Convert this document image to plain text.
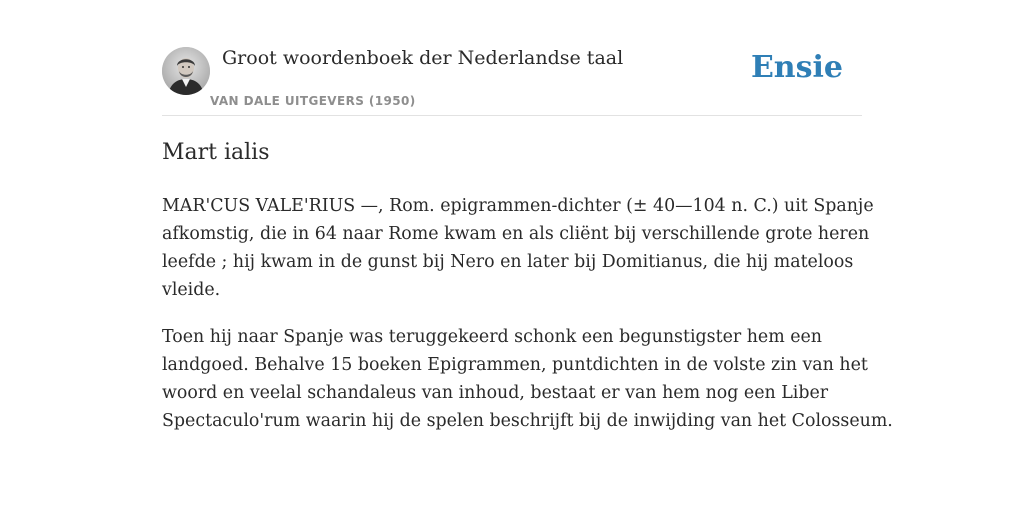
Groot woordenboek der Nederlandse taal
VAN DALE UITGEVERS (1950)
Ensie
Mart ialis

MAR'CUS VALE'RIUS —, Rom. epigrammen-dichter (± 40—104 n. C.) uit Spanje
afkomstig, die in 64 naar Rome kwam en als cliënt bij verschillende grote heren
leefde ; hij kwam in de gunst bij Nero en later bij Domitianus, die hij mateloos
vleide.

Toen hij naar Spanje was teruggekeerd schonk een begunstigster hem een
landgoed. Behalve 15 boeken Epigrammen, puntdichten in de volste zin van het
woord en veelal schandaleus van inhoud, bestaat er van hem nog een Liber
Spectaculo'rum waarin hij de spelen beschrijft bij de inwijding van het Colosseum.
